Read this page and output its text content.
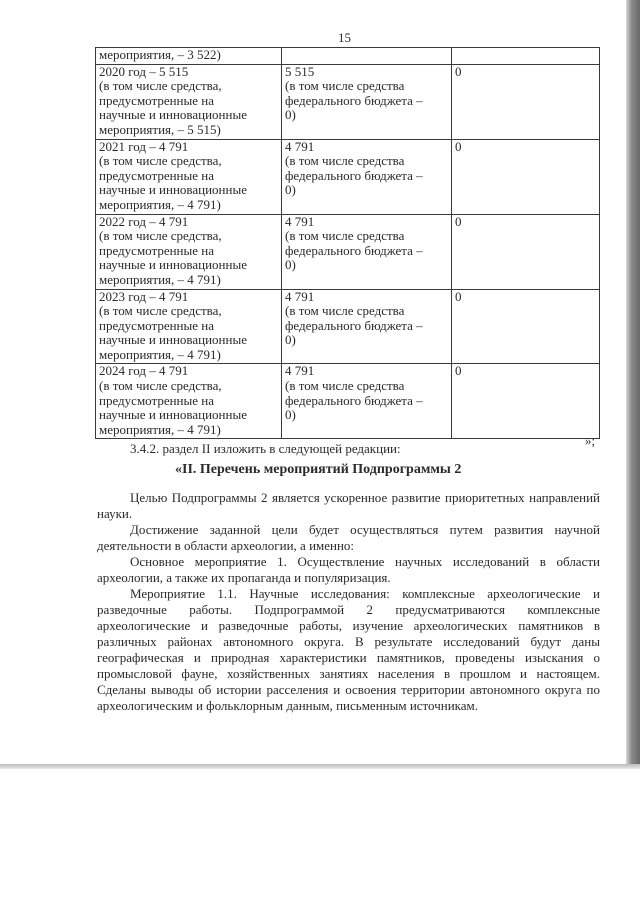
15
мероприятия, – 3 522)		

2020 год – 5 515
(в том числе средства,
предусмотренные на
научные и инновационные
мероприятия, – 5 515)	5 515
(в том числе средства
федерального бюджета –
0)	0

2021 год – 4 791
(в том числе средства,
предусмотренные на
научные и инновационные
мероприятия, – 4 791)	4 791
(в том числе средства
федерального бюджета –
0)	0

2022 год – 4 791
(в том числе средства,
предусмотренные на
научные и инновационные
мероприятия, – 4 791)	4 791
(в том числе средства
федерального бюджета –
0)	0

2023 год – 4 791
(в том числе средства,
предусмотренные на
научные и инновационные
мероприятия, – 4 791)	4 791
(в том числе средства
федерального бюджета –
0)	0

2024 год – 4 791
(в том числе средства,
предусмотренные на
научные и инновационные
мероприятия, – 4 791)	4 791
(в том числе средства
федерального бюджета –
0)	0
»;
3.4.2. раздел II изложить в следующей редакции:
«II. Перечень мероприятий Подпрограммы 2
Целью Подпрограммы 2 является ускоренное развитие приоритетных направлений науки.
Достижение заданной цели будет осуществляться путем развития научной деятельности в области археологии, а именно:
Основное мероприятие 1. Осуществление научных исследований в области археологии, а также их пропаганда и популяризация.
Мероприятие 1.1. Научные исследования: комплексные археологические и разведочные работы. Подпрограммой 2 предусматриваются комплексные археологические и разведочные работы, изучение археологических памятников в различных районах автономного округа. В результате исследований будут даны географическая и природная характеристики памятников, проведены изыскания о промысловой фауне, хозяйственных занятиях населения в прошлом и настоящем. Сделаны выводы об истории расселения и освоения территории автономного округа по археологическим и фольклорным данным, письменным источникам.
